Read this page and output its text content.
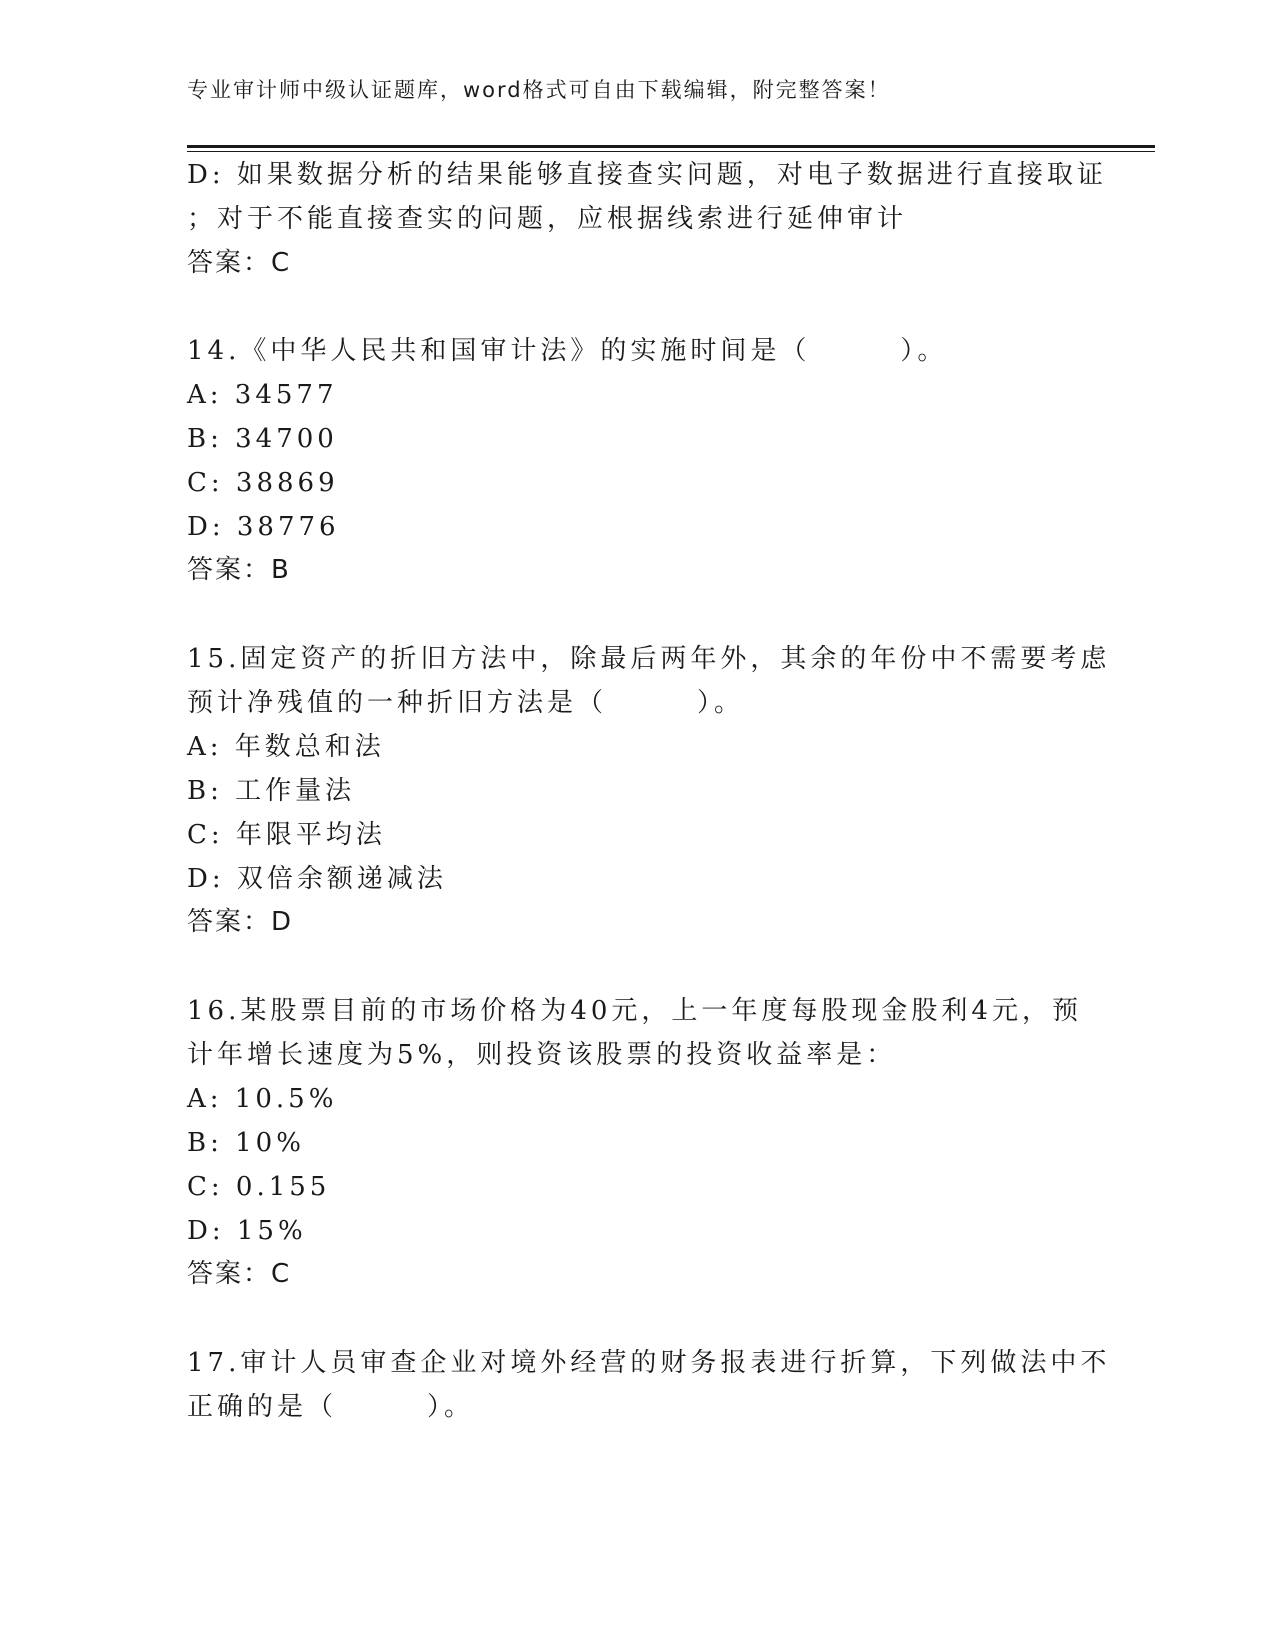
专业审计师中级认证题库，word格式可自由下载编辑，附完整答案！
D: 如果数据分析的结果能够直接查实问题，对电子数据进行直接取证
；对于不能直接查实的问题，应根据线索进行延伸审计
答案：C
14.《中华人民共和国审计法》的实施时间是（　　　）。
A: 34577
B: 34700
C: 38869
D: 38776
答案：B
15.固定资产的折旧方法中，除最后两年外，其余的年份中不需要考虑
预计净残值的一种折旧方法是（　　　）。
A: 年数总和法
B: 工作量法
C: 年限平均法
D: 双倍余额递减法
答案：D
16.某股票目前的市场价格为40元，上一年度每股现金股利4元，预
计年增长速度为5%，则投资该股票的投资收益率是：
A: 10.5%
B: 10%
C: 0.155
D: 15%
答案：C
17.审计人员审查企业对境外经营的财务报表进行折算，下列做法中不
正确的是（　　　）。
